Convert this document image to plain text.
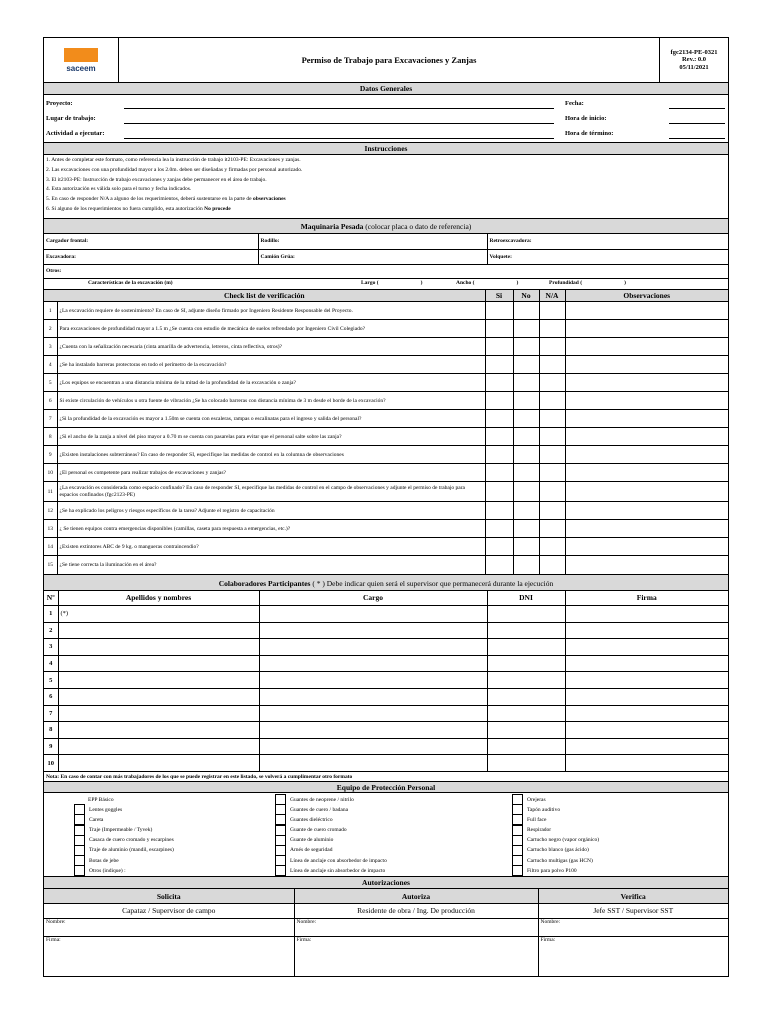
saceem
Permiso de Trabajo para Excavaciones y Zanjas
fgc2134-PE-0321
Rev.: 0.0
05/11/2021
Datos Generales
Proyecto:
Lugar de trabajo:
Actividad a ejecutar:
Fecha:
Hora de inicio:
Hora de término:
Instrucciones
1. Antes de completar este formato, como referencia lea la instrucción de trabajo it2103-PE: Excavaciones y zanjas.
2. Las excavaciones con una profundidad mayor a los 2.0m. deben ser diseñadas y firmadas por personal autorizado.
3. El it2103-PE: Instrucción de trabajo excavaciones y zanjas debe permanecer en el área de trabajo.
4. Esta autorización es válida solo para el turno y fecha indicados.
5. En caso de responder N/A a alguno de los requerimientos, deberá sustentarse en la parte de observaciones
6. Si alguno de los requerimientos no fuera cumplido, esta autorización No procede
Maquinaria Pesada (colocar placa o dato de referencia)
Cargador frontal:	Rodillo:	Retroexcavadora:
Excavadora:	Camión Grúa:	Volquete:
Otros:		

Características de la excavación (m) Largo ( ) Ancho ( ) Profundidad ( )		
Check list de verificación		Si	No	N/A	Observaciones
1	¿La excavación requiere de sostenimiento? En caso de SI, adjunte diseño firmado por Ingeniero Residente Responsable del Proyecto.				
2	Para excavaciones de profundidad mayor a 1.5 m ¿Se cuenta con estudio de mecánica de suelos refrendado por Ingeniero Civil Colegiado?				
3	¿Cuenta con la señalización necesaria (cinta amarilla de advertencia, letreros, cinta reflectiva, otros)?				
4	¿Se ha instalado barreras protectoras en todo el perímetro de la excavación?				
5	¿Los equipos se encuentran a una distancia mínima de la mitad de la profundidad de la excavación o zanja?				
6	Si existe circulación de vehículos u otra fuente de vibración ¿Se ha colocado barreras con distancia mínima de 3 m desde el borde de la excavación?				
7	¿Si la profundidad de la excavación es mayor a 1.50m se cuenta con escaleras, rampas o escalinatas para el ingreso y salida del personal?				
8	¿Si el ancho de la zanja a nivel del piso mayor a 0.70 m se cuenta con pasarelas para evitar que el personal salte sobre las zanja?				
9	¿Existen instalaciones subterráneas? En caso de responder SI, especifique las medidas de control en la columna de observaciones				
10	¿El personal es competente para realizar trabajos de excavaciones y zanjas?				
11	¿La excavación es considerada como espacio confinado? En caso de responder SI, especifique las medidas de control en el campo de observaciones y adjunte el permiso de trabajo para espacios confinados (fgc2123-PE)				
12	¿Se ha explicado los peligros y riesgos específicos de la tarea? Adjunte el registro de capacitación				
13	¿ Se tienen equipos contra emergencias disponibles (camillas, caseta para respuesta a emergencias, etc.)?				
14	¿Existen extintores ABC de 9 kg. o mangueras contraincendio?				
15	¿Se tiene correcta la iluminación en el área?				
Colaboradores Participantes ( * ) Debe indicar quien será el supervisor que permanecerá durante la ejecución
Nº	Apellidos y nombres	Cargo	DNI	Firma
1	(*)			
2				
3				
4				
5				
6				
7				
8				
9				
10				
Nota: En caso de contar con más trabajadores de los que se puede registrar en este listado, se volverá a cumplimentar otro formato				
Equipo de Protección Personal
EPP Básico
Lentes goggles
Careta
Traje (Impermeable / Tyvek)
Casaca de cuero cromado y escarpines
Traje de aluminio (mandil, escarpines)
Botas de jebe
Otros (indique) :
Guantes de neoprene / nitrilo
Guantes de cuero / badana
Guantes dieléctrico
Guante de cuero cromado
Guante de aluminio
Arnés de seguridad
Línea de anclaje con absorbedor de impacto
Línea de anclaje sin absorbedor de impacto
Orejeras
Tapón auditivo
Full face
Respirador
Cartucho negro (vapor orgánico)
Cartucho blanco (gas ácido)
Cartucho multigas (gas HCN)
Filtro para polvo P100
Autorizaciones
Solicita	Autoriza	Verifica
Capataz / Supervisor de campo	Residente de obra / Ing. De producción	Jefe SST / Supervisor SST
Nombre:	Nombre:	Nombre:
Firma:	Firma:	Firma:
